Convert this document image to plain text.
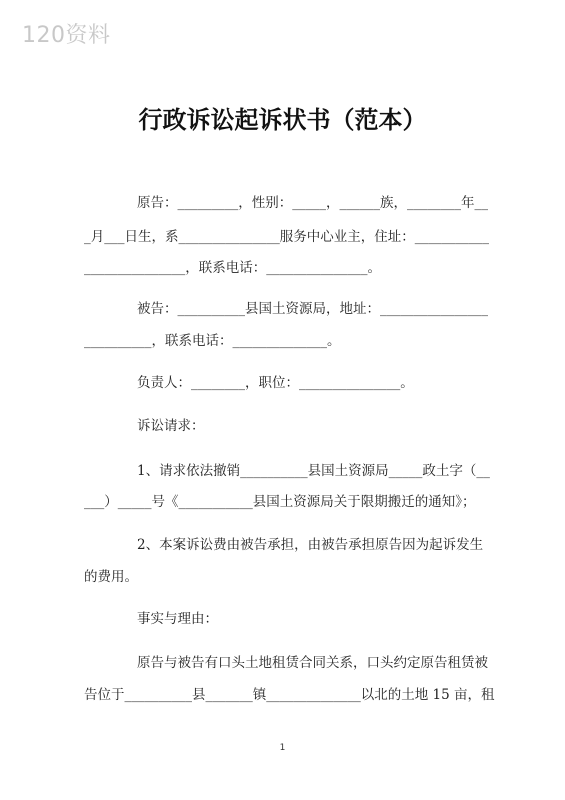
120资料
行政诉讼起诉状书（范本）
原告：_________，性别：_____，______族，________年__
_月___日生，系_______________服务中心业主，住址：___________
_______________，联系电话：_______________。
被告：__________县国土资源局，地址：________________
__________，联系电话：______________。
负责人：________，职位：_______________。
诉讼请求：
1、请求依法撤销__________县国土资源局_____政土字（__
___）_____号《___________县国土资源局关于限期搬迁的通知》；
2、本案诉讼费由被告承担，由被告承担原告因为起诉发生
的费用。
事实与理由：
原告与被告有口头土地租赁合同关系，口头约定原告租赁被
告位于__________县_______镇______________以北的土地 15 亩，租
1
